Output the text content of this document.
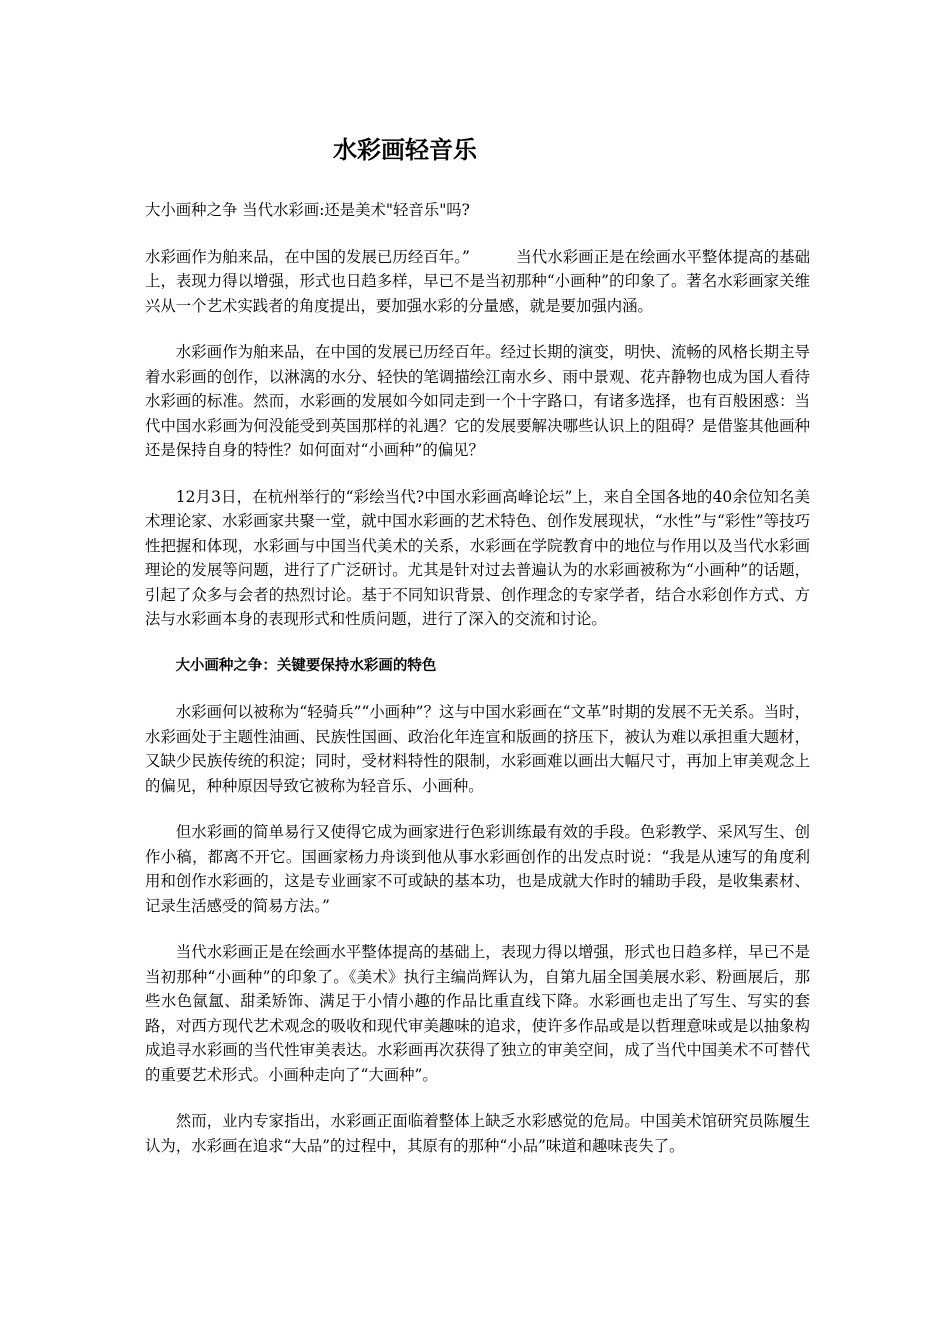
水彩画轻音乐

大小画种之争 当代水彩画:还是美术"轻音乐"吗?

水彩画作为舶来品，在中国的发展已历经百年。”　　　当代水彩画正是在绘画水平整体提高的基础上，表现力得以增强，形式也日趋多样，早已不是当初那种“小画种”的印象了。著名水彩画家关维兴从一个艺术实践者的角度提出，要加强水彩的分量感，就是要加强内涵。

水彩画作为舶来品，在中国的发展已历经百年。经过长期的演变，明快、流畅的风格长期主导着水彩画的创作，以淋漓的水分、轻快的笔调描绘江南水乡、雨中景观、花卉静物也成为国人看待水彩画的标准。然而，水彩画的发展如今如同走到一个十字路口，有诸多选择，也有百般困惑：当代中国水彩画为何没能受到英国那样的礼遇？它的发展要解决哪些认识上的阻碍？是借鉴其他画种还是保持自身的特性？如何面对“小画种”的偏见？

12月3日，在杭州举行的“彩绘当代?中国水彩画高峰论坛”上，来自全国各地的40余位知名美术理论家、水彩画家共聚一堂，就中国水彩画的艺术特色、创作发展现状，“水性”与“彩性”等技巧性把握和体现，水彩画与中国当代美术的关系，水彩画在学院教育中的地位与作用以及当代水彩画理论的发展等问题，进行了广泛研讨。尤其是针对过去普遍认为的水彩画被称为“小画种”的话题，引起了众多与会者的热烈讨论。基于不同知识背景、创作理念的专家学者，结合水彩创作方式、方法与水彩画本身的表现形式和性质问题，进行了深入的交流和讨论。

大小画种之争：关键要保持水彩画的特色

水彩画何以被称为“轻骑兵”“小画种”？这与中国水彩画在“文革”时期的发展不无关系。当时，水彩画处于主题性油画、民族性国画、政治化年连宣和版画的挤压下，被认为难以承担重大题材，又缺少民族传统的积淀；同时，受材料特性的限制，水彩画难以画出大幅尺寸，再加上审美观念上的偏见，种种原因导致它被称为轻音乐、小画种。

但水彩画的简单易行又使得它成为画家进行色彩训练最有效的手段。色彩教学、采风写生、创作小稿，都离不开它。国画家杨力舟谈到他从事水彩画创作的出发点时说：“我是从速写的角度利用和创作水彩画的，这是专业画家不可或缺的基本功，也是成就大作时的辅助手段，是收集素材、记录生活感受的简易方法。”

当代水彩画正是在绘画水平整体提高的基础上，表现力得以增强，形式也日趋多样，早已不是当初那种“小画种”的印象了。《美术》执行主编尚辉认为，自第九届全国美展水彩、粉画展后，那些水色氤氲、甜柔矫饰、满足于小情小趣的作品比重直线下降。水彩画也走出了写生、写实的套路，对西方现代艺术观念的吸收和现代审美趣味的追求，使许多作品或是以哲理意味或是以抽象构成追寻水彩画的当代性审美表达。水彩画再次获得了独立的审美空间，成了当代中国美术不可替代的重要艺术形式。小画种走向了“大画种”。

然而，业内专家指出，水彩画正面临着整体上缺乏水彩感觉的危局。中国美术馆研究员陈履生认为，水彩画在追求“大品”的过程中，其原有的那种“小品”味道和趣味丧失了。
